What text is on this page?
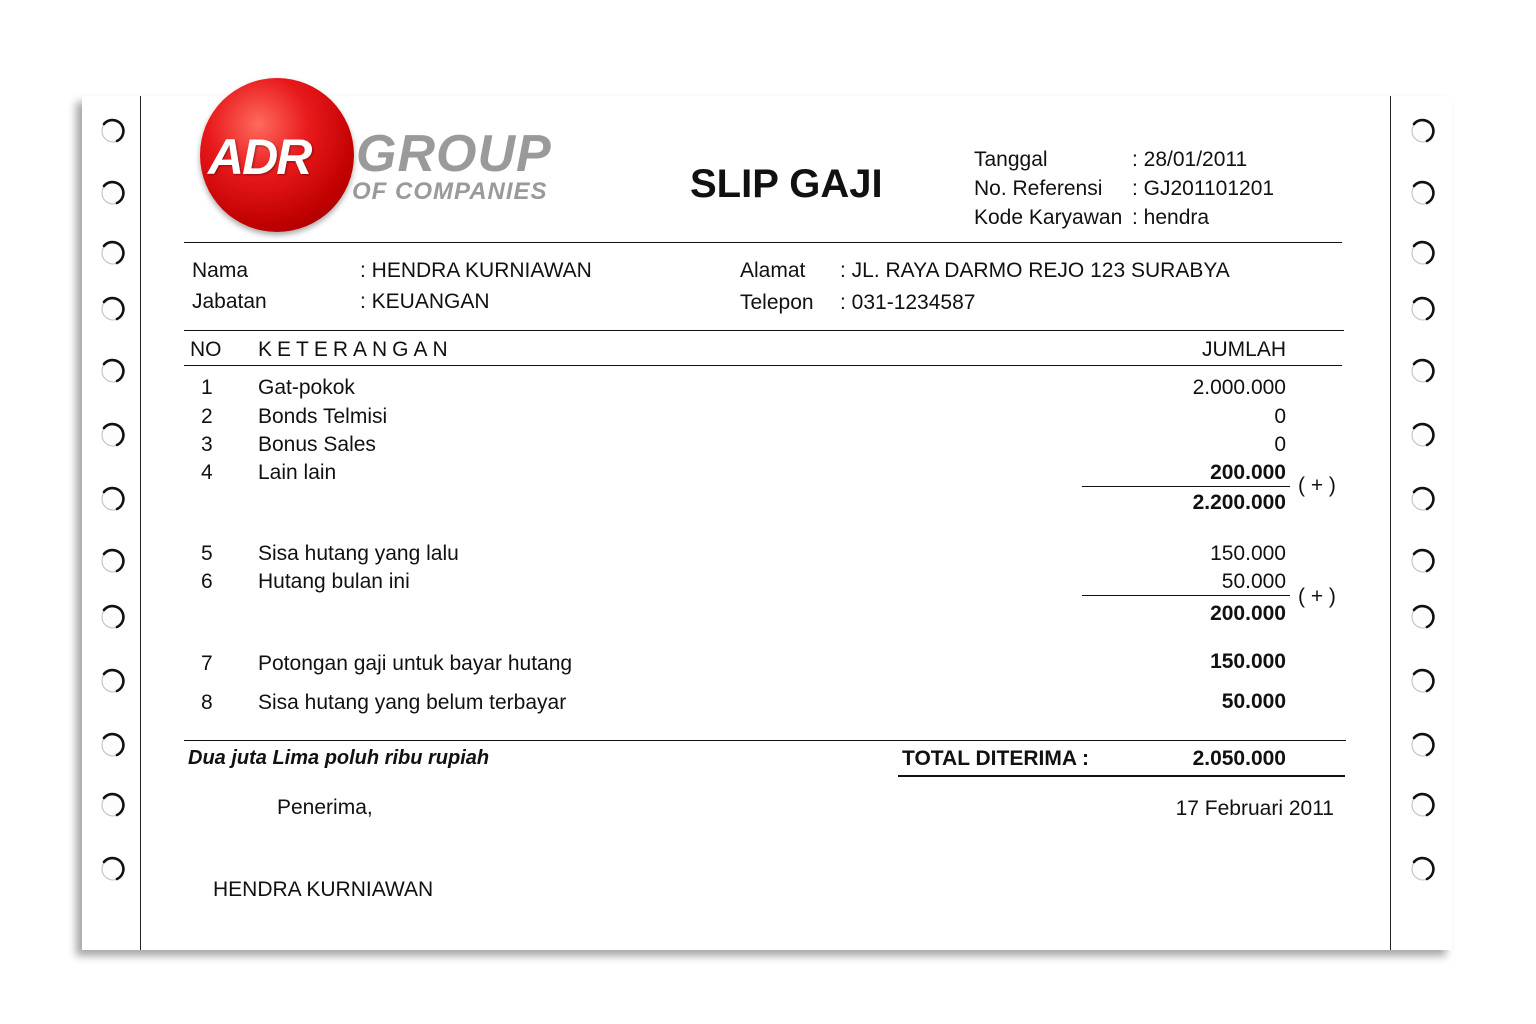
ADR GROUP
OF COMPANIES	SLIP GAJI
Tanggal	: 28/01/2011
No. Referensi : GJ201101201
Kode Karyawan : hendra
Nama	: HENDRA KURNIAWAN
Jabatan	: KEUANGAN
Alamat : JL. RAYA DARMO REJO 123 SURABYA
Telepon : 031-1234587
NO KETERANGAN	JUMLAH
1 Gat-pokok	2.000.000
2 Bonds Telmisi	0
3 Bonus Sales	0
4 Lain lain	200.000
( + )
2.200.000
5 Sisa hutang yang lalu	150.000
6 Hutang bulan ini	50.000
( + )
200.000
7 Potongan gaji untuk bayar hutang	150.000
8 Sisa hutang yang belum terbayar	50.000
Dua juta Lima poluh ribu rupiah	TOTAL DITERIMA :	2.050.000
Penerima,	17 Februari 2011
HENDRA KURNIAWAN
